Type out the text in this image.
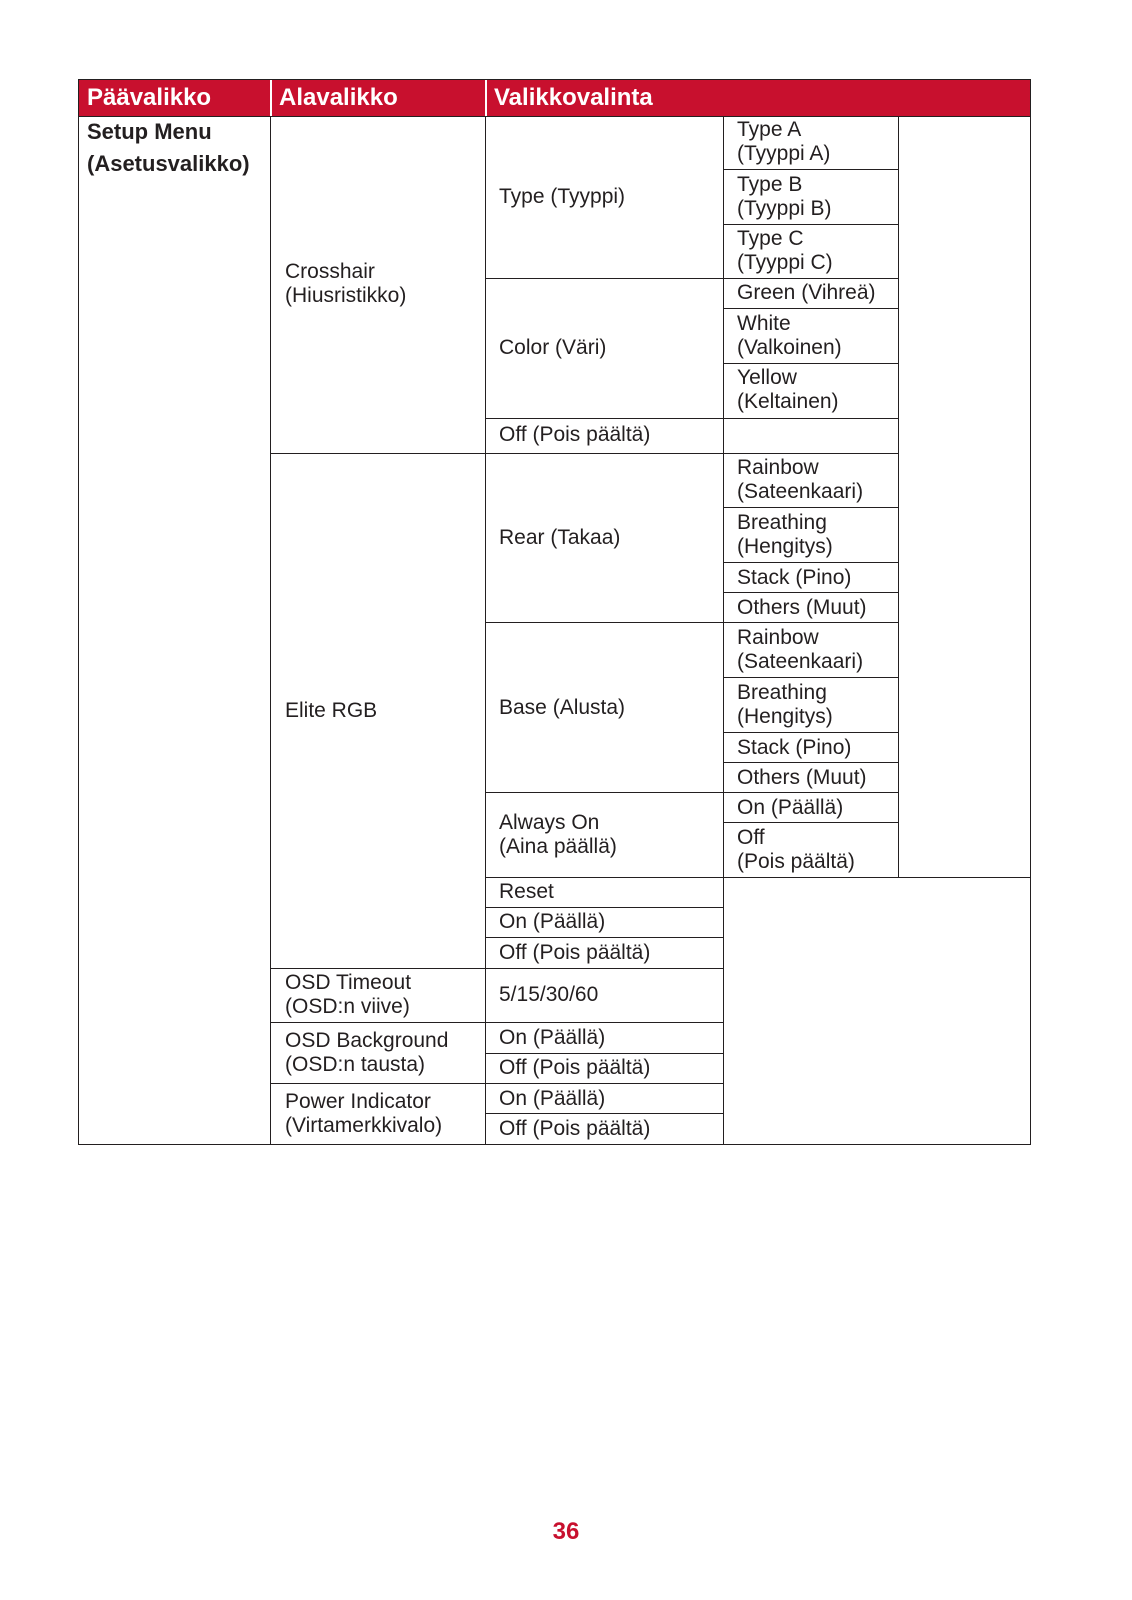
Päävalikko	Alavalikko	Valikkovalinta
Setup Menu
(Asetusvalikko)
Crosshair
(Hiusristikko)
Elite RGB
OSD Timeout
(OSD:n viive)
OSD Background
(OSD:n tausta)
Power Indicator
(Virtamerkkivalo)
Type (Tyyppi)
Color (Väri)
Off (Pois päältä)
Rear (Takaa)
Base (Alusta)
Always On
(Aina päällä)
Reset
On (Päällä)
Off (Pois päältä)
5/15/30/60
On (Päällä)
Off (Pois päältä)
On (Päällä)
Off (Pois päältä)
Type A
(Tyyppi A)
Type B
(Tyyppi B)
Type C
(Tyyppi C)
Green (Vihreä)
White
(Valkoinen)
Yellow
(Keltainen)
Rainbow
(Sateenkaari)
Breathing
(Hengitys)
Stack (Pino)
Others (Muut)
Rainbow
(Sateenkaari)
Breathing
(Hengitys)
Stack (Pino)
Others (Muut)
On (Päällä)
Off
(Pois päältä)
36
